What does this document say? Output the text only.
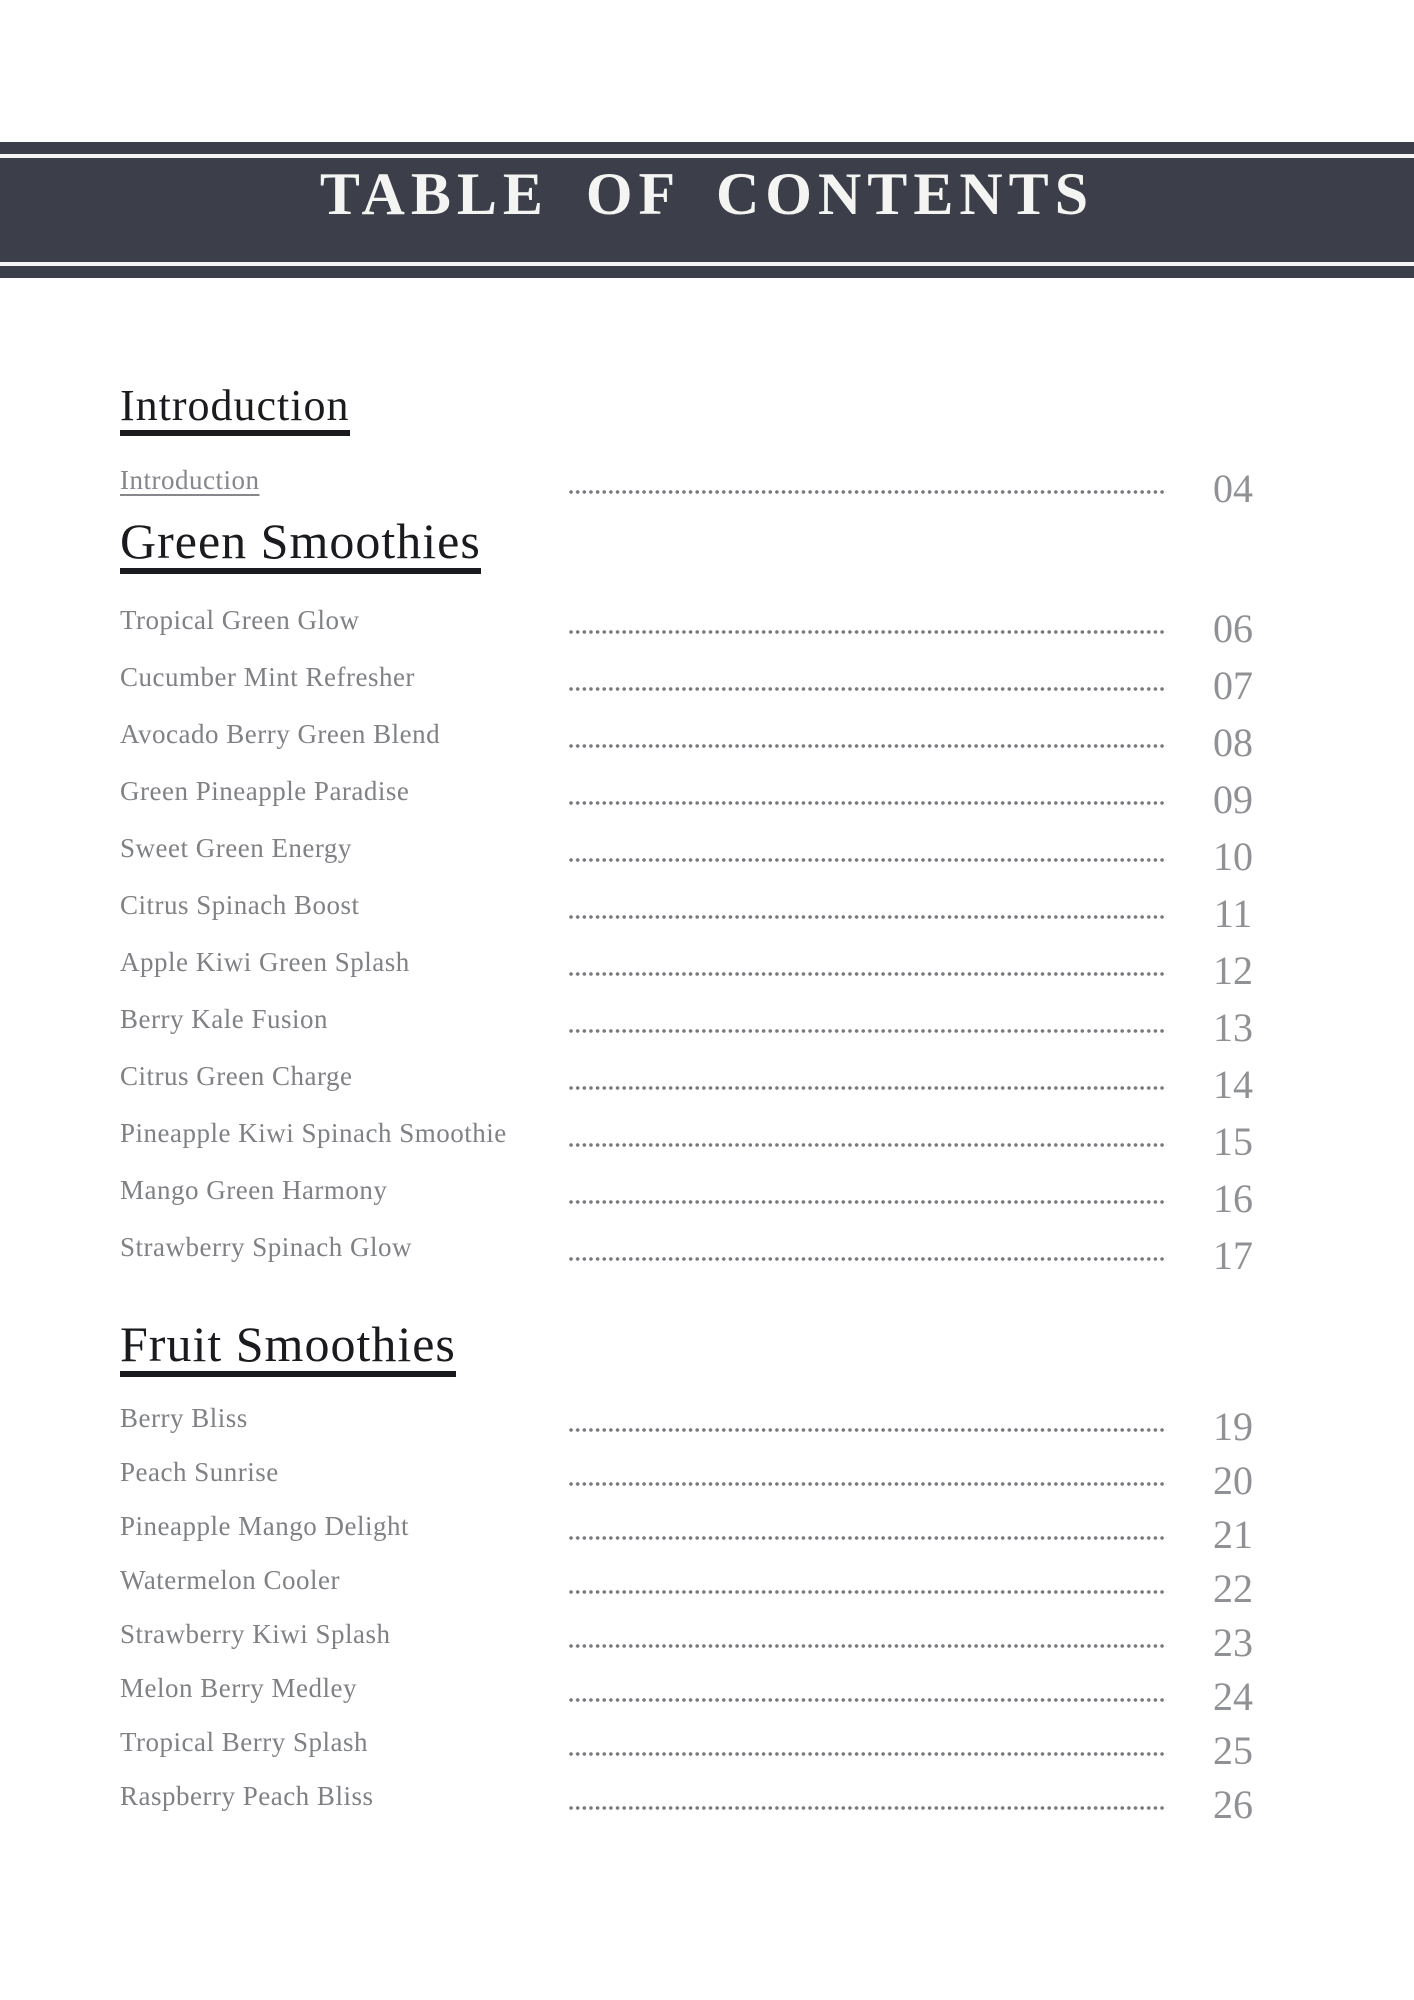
TABLE OF CONTENTS
Introduction
Introduction	04
Green Smoothies
Tropical Green Glow	06
Cucumber Mint Refresher	07
Avocado Berry Green Blend	08
Green Pineapple Paradise	09
Sweet Green Energy	10
Citrus Spinach Boost	11
Apple Kiwi Green Splash	12
Berry Kale Fusion	13
Citrus Green Charge	14
Pineapple Kiwi Spinach Smoothie	15
Mango Green Harmony	16
Strawberry Spinach Glow	17
Fruit Smoothies
Berry Bliss	19
Peach Sunrise	20
Pineapple Mango Delight	21
Watermelon Cooler	22
Strawberry Kiwi Splash	23
Melon Berry Medley	24
Tropical Berry Splash	25
Raspberry Peach Bliss	26
